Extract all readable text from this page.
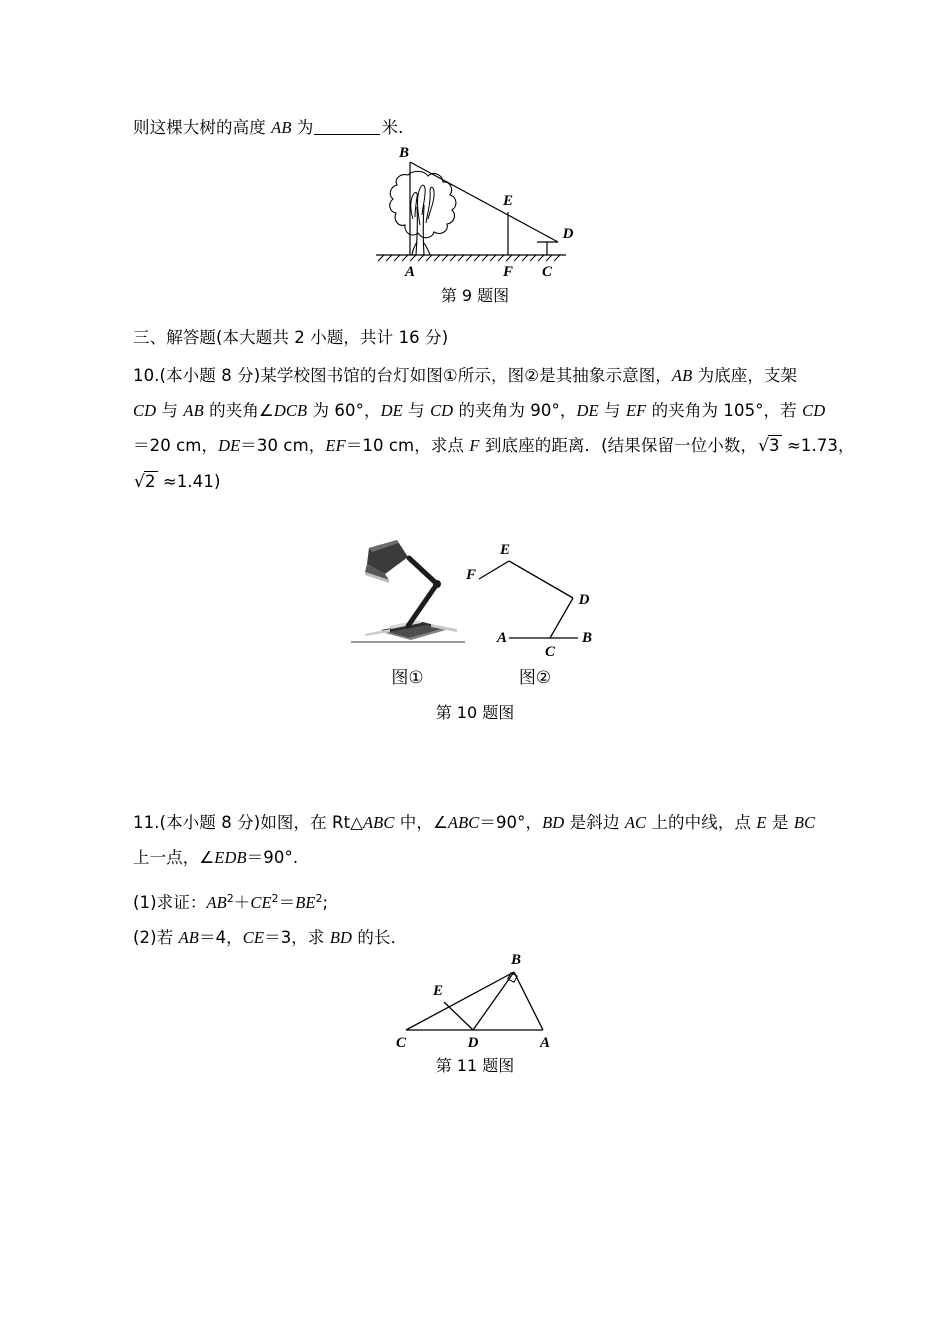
则这棵大树的高度 AB 为	米.
B
E
D
A	F C
第 9 题图
三、解答题(本大题共 2 小题，共计 16 分)
10.(本小题 8 分)某学校图书馆的台灯如图①所示，图②是其抽象示意图，AB 为底座，支架
CD 与 AB 的夹角∠DCB 为 60°，DE 与 CD 的夹角为 90°，DE 与 EF 的夹角为 105°，若 CD
＝20 cm，DE＝30 cm，EF＝10 cm，求点 F 到底座的距离．(结果保留一位小数，√3 ≈1.73，
√2 ≈1.41)
图①
E
F
D
A
C
B
图②
第 10 题图
11.(本小题 8 分)如图，在 Rt△ABC 中，∠ABC＝90°，BD 是斜边 AC 上的中线，点 E 是 BC
上一点，∠EDB＝90°.
(1)求证：$AB^2+CE^2=BE^2$;
(2)若 AB＝4，CE＝3，求 BD 的长．
B
E
C	D	A
第 11 题图
